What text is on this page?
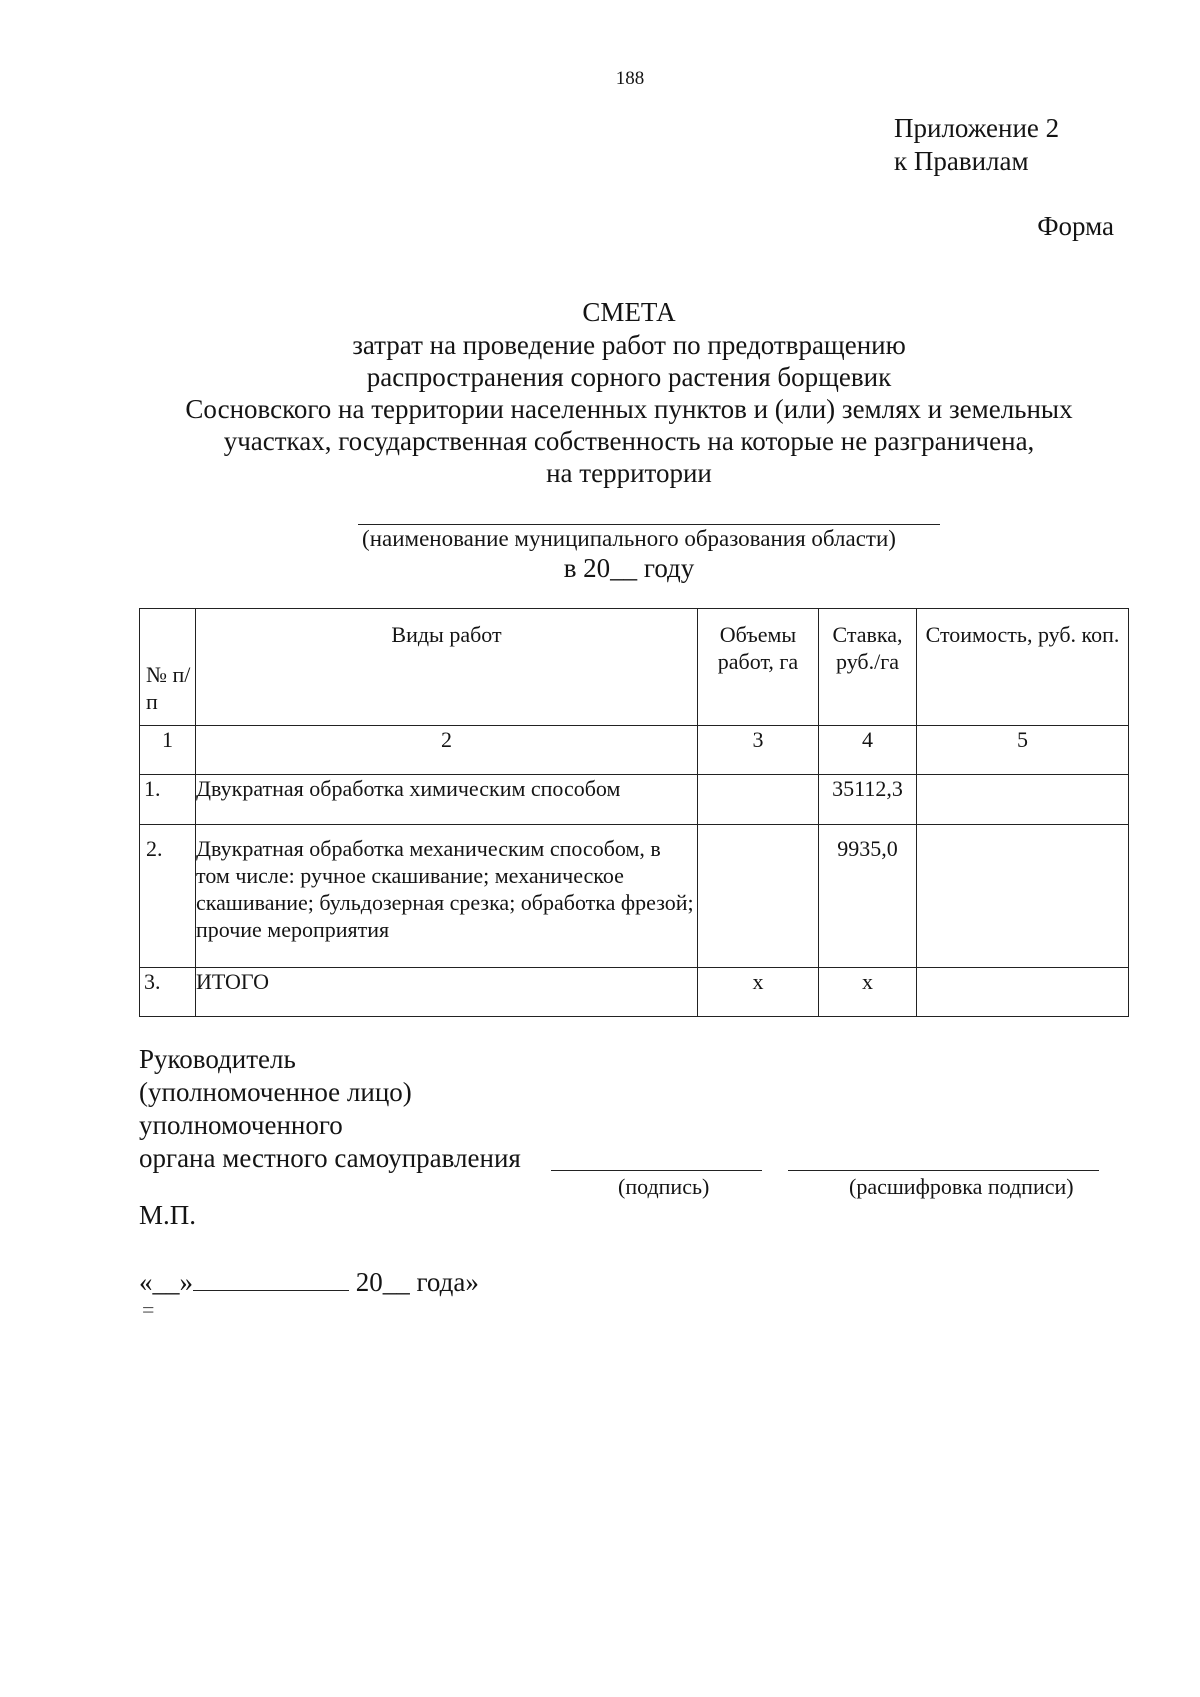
188
Приложение 2
к Правилам
Форма
СМЕТА
затрат на проведение работ по предотвращению
распространения сорного растения борщевик
Сосновского на территории населенных пунктов и (или) землях и земельных
участках, государственная собственность на которые не разграничена,
на территории
(наименование муниципального образования области)
в 20__ году
№ п/п	Виды работ	Объемы работ, га	Ставка, руб./га	Стоимость, руб. коп.
1	2	3	4	5
1.	Двукратная обработка химическим способом		35112,3	
2.	Двукратная обработка механическим способом, в том числе: ручное скашивание; механическое скашивание; бульдозерная срезка; обработка фрезой; прочие мероприятия		9935,0	
3.	ИТОГО	x	x	
Руководитель
(уполномоченное лицо)
уполномоченного
органа местного самоуправления
(подпись)	(расшифровка подписи)
М.П.
«__»	20__ года»
=
